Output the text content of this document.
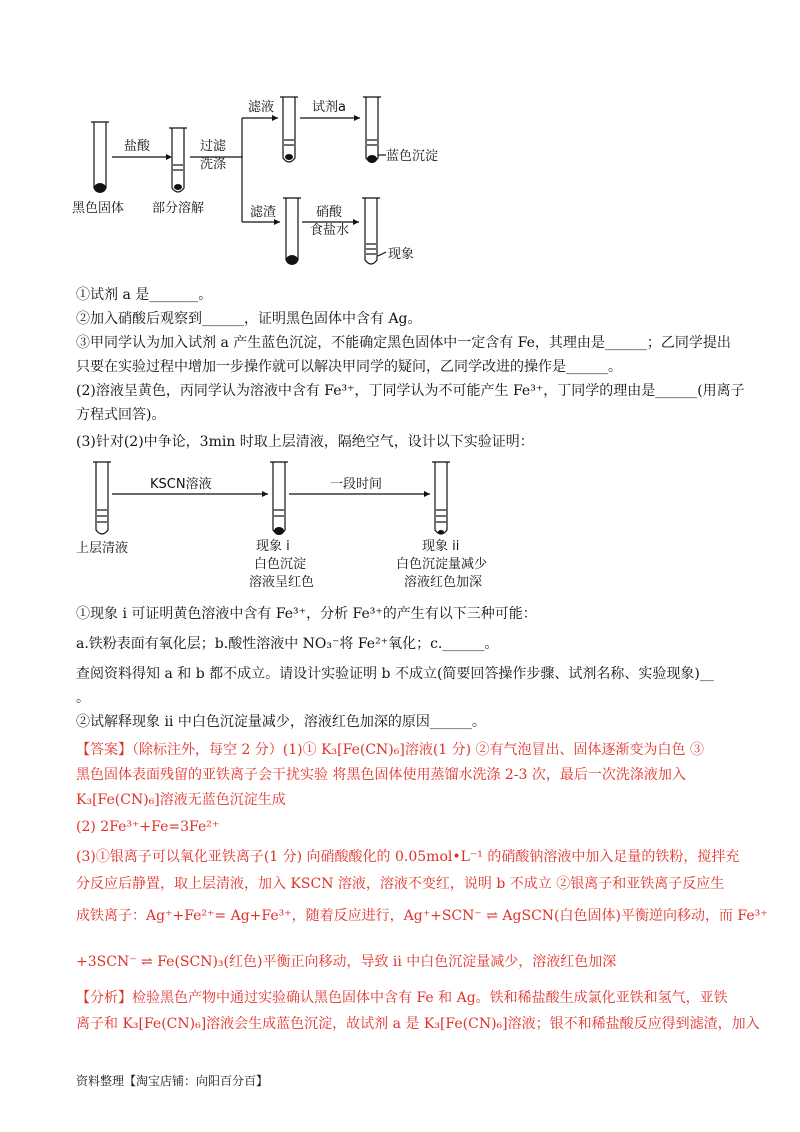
盐酸	过滤
洗涤
黑色固体 部分溶解
滤液	试剂a
蓝色沉淀
滤渣	硝酸
食盐水
现象
①试剂 a 是_______。
②加入硝酸后观察到______，证明黑色固体中含有 Ag。
③甲同学认为加入试剂 a 产生蓝色沉淀，不能确定黑色固体中一定含有 Fe，其理由是______；乙同学提出
只要在实验过程中增加一步操作就可以解决甲同学的疑问，乙同学改进的操作是______。
(2)溶液呈黄色，丙同学认为溶液中含有 Fe³⁺，丁同学认为不可能产生 Fe³⁺，丁同学的理由是______(用离子
方程式回答)。
(3)针对(2)中争论，3min 时取上层清液，隔绝空气，设计以下实验证明：
KSCN溶液	一段时间
上层清液	现象 i
白色沉淀
溶液呈红色
现象 ii
白色沉淀量减少
溶液红色加深
①现象 i 可证明黄色溶液中含有 Fe³⁺，分析 Fe³⁺的产生有以下三种可能：
a.铁粉表面有氧化层；b.酸性溶液中 NO₃⁻将 Fe²⁺氧化；c.______。
查阅资料得知 a 和 b 都不成立。请设计实验证明 b 不成立(简要回答操作步骤、试剂名称、实验现象)__
。
②试解释现象 ii 中白色沉淀量减少，溶液红色加深的原因______。
【答案】（除标注外，每空 2 分）(1)① K₃[Fe(CN)₆]溶液(1 分) ②有气泡冒出、固体逐渐变为白色 ③
黑色固体表面残留的亚铁离子会干扰实验 将黑色固体使用蒸馏水洗涤 2-3 次，最后一次洗涤液加入
K₃[Fe(CN)₆]溶液无蓝色沉淀生成
(2) 2Fe³⁺+Fe=3Fe²⁺
(3)①银离子可以氧化亚铁离子(1 分) 向硝酸酸化的 0.05mol•L⁻¹ 的硝酸钠溶液中加入足量的铁粉，搅拌充
分反应后静置，取上层清液，加入 KSCN 溶液，溶液不变红，说明 b 不成立 ②银离子和亚铁离子反应生
成铁离子：Ag⁺+Fe²⁺= Ag+Fe³⁺，随着反应进行，Ag⁺+SCN⁻ ⇌ AgSCN(白色固体)平衡逆向移动，而 Fe³⁺
+3SCN⁻ ⇌ Fe(SCN)₃(红色)平衡正向移动，导致 ii 中白色沉淀量减少，溶液红色加深
【分析】检验黑色产物中通过实验确认黑色固体中含有 Fe 和 Ag。铁和稀盐酸生成氯化亚铁和氢气，亚铁
离子和 K₃[Fe(CN)₆]溶液会生成蓝色沉淀，故试剂 a 是 K₃[Fe(CN)₆]溶液；银不和稀盐酸反应得到滤渣，加入
资料整理【淘宝店铺：向阳百分百】
